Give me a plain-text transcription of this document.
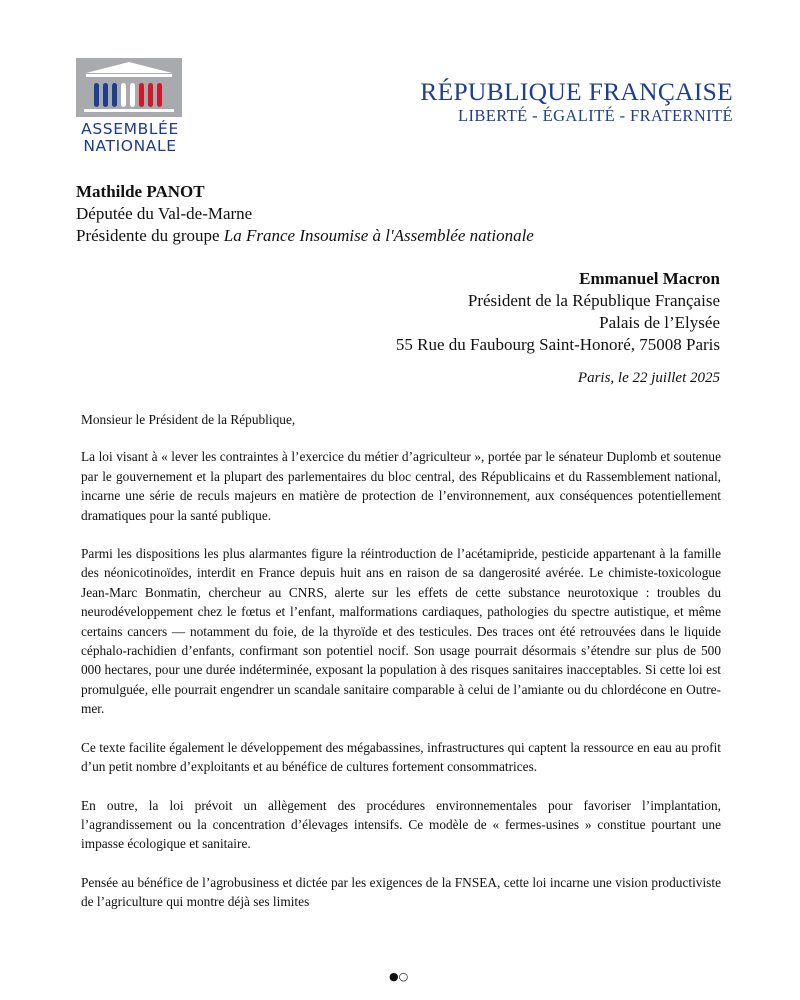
ASSEMBLÉE
NATIONALE
RÉPUBLIQUE FRANÇAISE
LIBERTÉ - ÉGALITÉ - FRATERNITÉ
Mathilde PANOT
Députée du Val-de-Marne
Présidente du groupe La France Insoumise à l'Assemblée nationale
Emmanuel Macron
Président de la République Française
Palais de l’Elysée
55 Rue du Faubourg Saint-Honoré, 75008 Paris
Paris, le 22 juillet 2025

Monsieur le Président de la République,

La loi visant à « lever les contraintes à l’exercice du métier d’agriculteur », portée par le sénateur Duplomb et soutenue par le gouvernement et la plupart des parlementaires du bloc central, des Républicains et du Rassemblement national, incarne une série de reculs majeurs en matière de protection de l’environnement, aux conséquences potentiellement dramatiques pour la santé publique.

Parmi les dispositions les plus alarmantes figure la réintroduction de l’acétamipride, pesticide appartenant à la famille des néonicotinoïdes, interdit en France depuis huit ans en raison de sa dangerosité avérée. Le chimiste-toxicologue Jean-Marc Bonmatin, chercheur au CNRS, alerte sur les effets de cette substance neurotoxique : troubles du neurodéveloppement chez le fœtus et l’enfant, malformations cardiaques, pathologies du spectre autistique, et même certains cancers — notamment du foie, de la thyroïde et des testicules. Des traces ont été retrouvées dans le liquide céphalo-rachidien d’enfants, confirmant son potentiel nocif. Son usage pourrait désormais s’étendre sur plus de 500 000 hectares, pour une durée indéterminée, exposant la population à des risques sanitaires inacceptables. Si cette loi est promulguée, elle pourrait engendrer un scandale sanitaire comparable à celui de l’amiante ou du chlordécone en Outre-mer.

Ce texte facilite également le développement des mégabassines, infrastructures qui captent la ressource en eau au profit d’un petit nombre d’exploitants et au bénéfice de cultures fortement consommatrices.

En outre, la loi prévoit un allègement des procédures environnementales pour favoriser l’implantation, l’agrandissement ou la concentration d’élevages intensifs. Ce modèle de « fermes-usines » constitue pourtant une impasse écologique et sanitaire.

Pensée au bénéfice de l’agrobusiness et dictée par les exigences de la FNSEA, cette loi incarne une vision productiviste de l’agriculture qui montre déjà ses limites

●○
